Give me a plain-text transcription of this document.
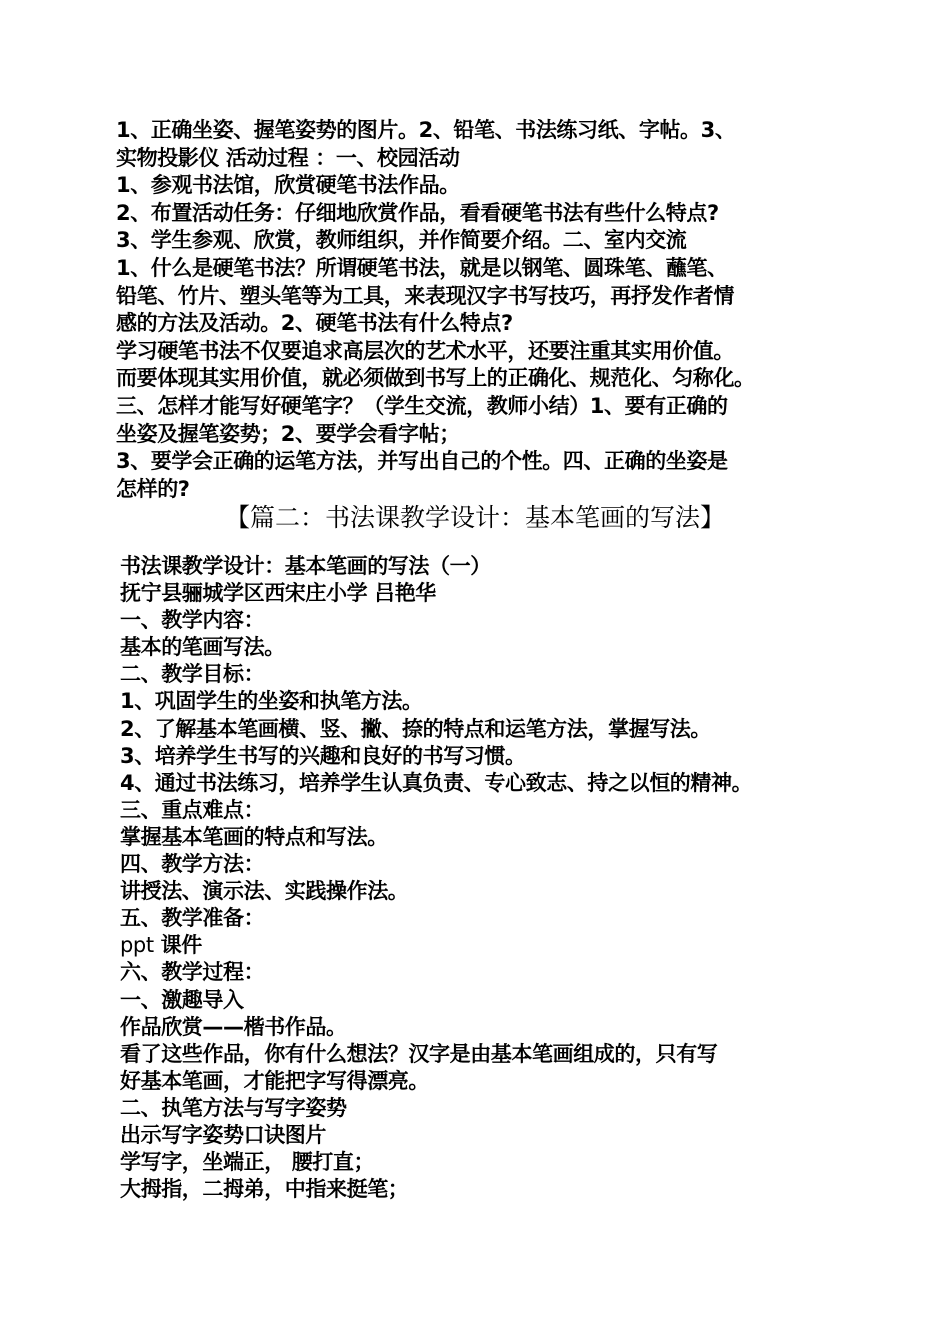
1、正确坐姿、握笔姿势的图片。2、铅笔、书法练习纸、字帖。3、
实物投影仪 活动过程 ：一、校园活动
1、参观书法馆，欣赏硬笔书法作品。
2、布置活动任务：仔细地欣赏作品，看看硬笔书法有些什么特点?
3、学生参观、欣赏，教师组织，并作简要介绍。二、室内交流
1、什么是硬笔书法？所谓硬笔书法，就是以钢笔、圆珠笔、蘸笔、
铅笔、竹片、塑头笔等为工具，来表现汉字书写技巧，再抒发作者情
感的方法及活动。2、硬笔书法有什么特点?
学习硬笔书法不仅要追求高层次的艺术水平，还要注重其实用价值。
而要体现其实用价值，就必须做到书写上的正确化、规范化、匀称化。
三、怎样才能写好硬笔字？（学生交流，教师小结）1、要有正确的
坐姿及握笔姿势；2、要学会看字帖；
3、要学会正确的运笔方法，并写出自己的个性。四、正确的坐姿是
怎样的?
【篇二：书法课教学设计：基本笔画的写法】
书法课教学设计：基本笔画的写法（一）
抚宁县骊城学区西宋庄小学 吕艳华
一、教学内容：
基本的笔画写法。
二、教学目标：
1、巩固学生的坐姿和执笔方法。
2、了解基本笔画横、竖、撇、捺的特点和运笔方法，掌握写法。
3、培养学生书写的兴趣和良好的书写习惯。
4、通过书法练习，培养学生认真负责、专心致志、持之以恒的精神。
三、重点难点：
掌握基本笔画的特点和写法。
四、教学方法：
讲授法、演示法、实践操作法。
五、教学准备：
ppt 课件
六、教学过程：
一、激趣导入
作品欣赏——楷书作品。
看了这些作品，你有什么想法？汉字是由基本笔画组成的，只有写
好基本笔画，才能把字写得漂亮。
二、执笔方法与写字姿势
出示写字姿势口诀图片
学写字，坐端正， 腰打直；
大拇指，二拇弟，中指来挺笔；
